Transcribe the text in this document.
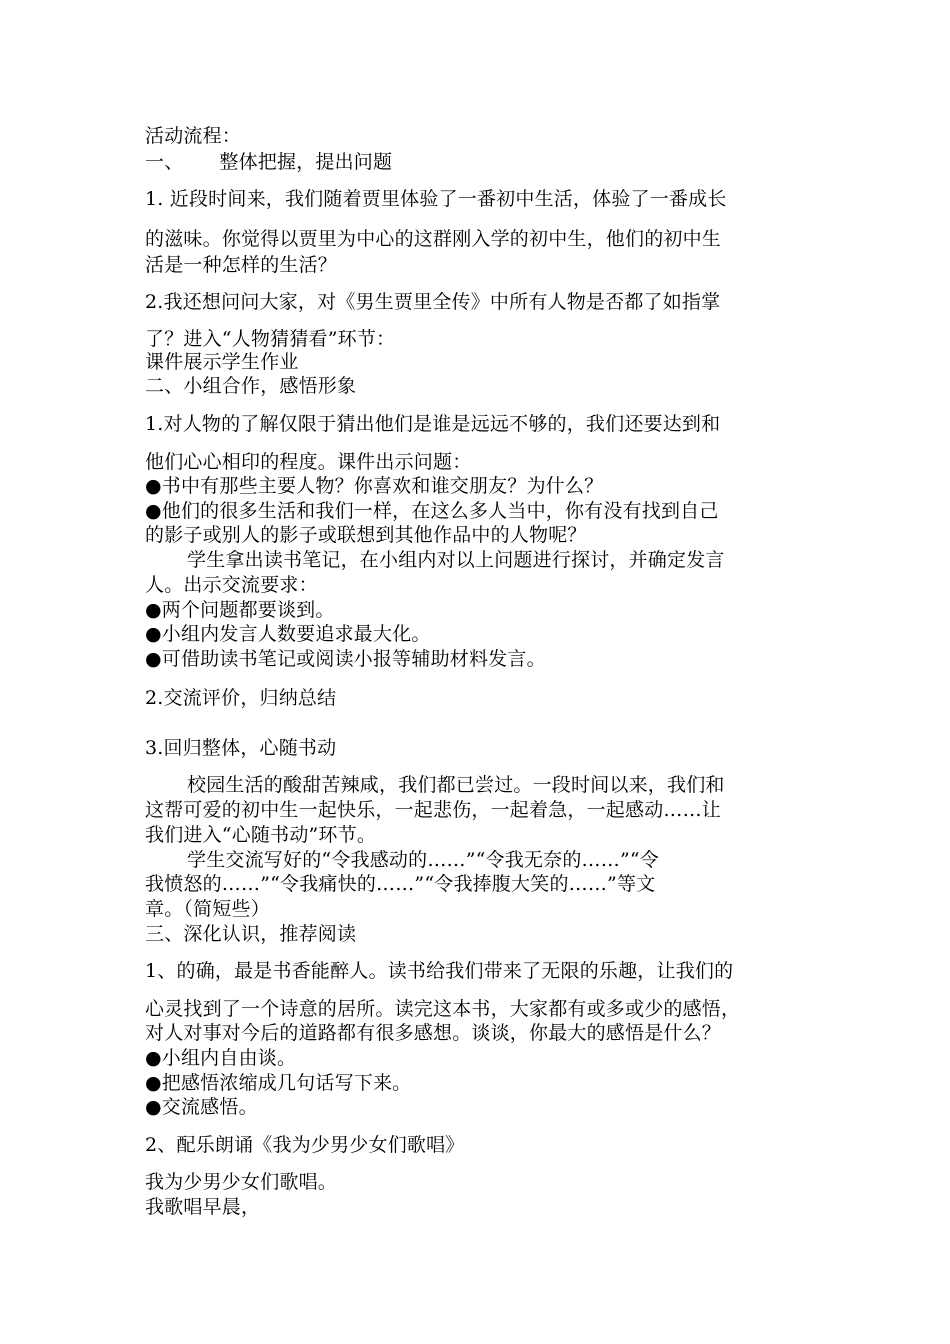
活动流程：
一、 整体把握，提出问题
1. 近段时间来，我们随着贾里体验了一番初中生活，体验了一番成长
的滋味。你觉得以贾里为中心的这群刚入学的初中生，他们的初中生
活是一种怎样的生活？
2.我还想问问大家，对《男生贾里全传》中所有人物是否都了如指掌
了？进入“人物猜猜看”环节：
课件展示学生作业
二、小组合作，感悟形象
1.对人物的了解仅限于猜出他们是谁是远远不够的，我们还要达到和
他们心心相印的程度。课件出示问题：
●书中有那些主要人物？你喜欢和谁交朋友？为什么？
●他们的很多生活和我们一样，在这么多人当中，你有没有找到自己
的影子或别人的影子或联想到其他作品中的人物呢？
学生拿出读书笔记，在小组内对以上问题进行探讨，并确定发言
人。出示交流要求：
●两个问题都要谈到。
●小组内发言人数要追求最大化。
●可借助读书笔记或阅读小报等辅助材料发言。
2.交流评价，归纳总结
3.回归整体，心随书动
校园生活的酸甜苦辣咸，我们都已尝过。一段时间以来，我们和
这帮可爱的初中生一起快乐，一起悲伤，一起着急，一起感动……让
我们进入“心随书动”环节。
学生交流写好的“令我感动的……”“令我无奈的……”“令
我愤怒的……”“令我痛快的……”“令我捧腹大笑的……”等文
章。（简短些）
三、深化认识，推荐阅读
1、的确，最是书香能醉人。读书给我们带来了无限的乐趣，让我们的
心灵找到了一个诗意的居所。读完这本书，大家都有或多或少的感悟，
对人对事对今后的道路都有很多感想。谈谈，你最大的感悟是什么？
●小组内自由谈。
●把感悟浓缩成几句话写下来。
●交流感悟。
2、配乐朗诵《我为少男少女们歌唱》
我为少男少女们歌唱。
我歌唱早晨，
